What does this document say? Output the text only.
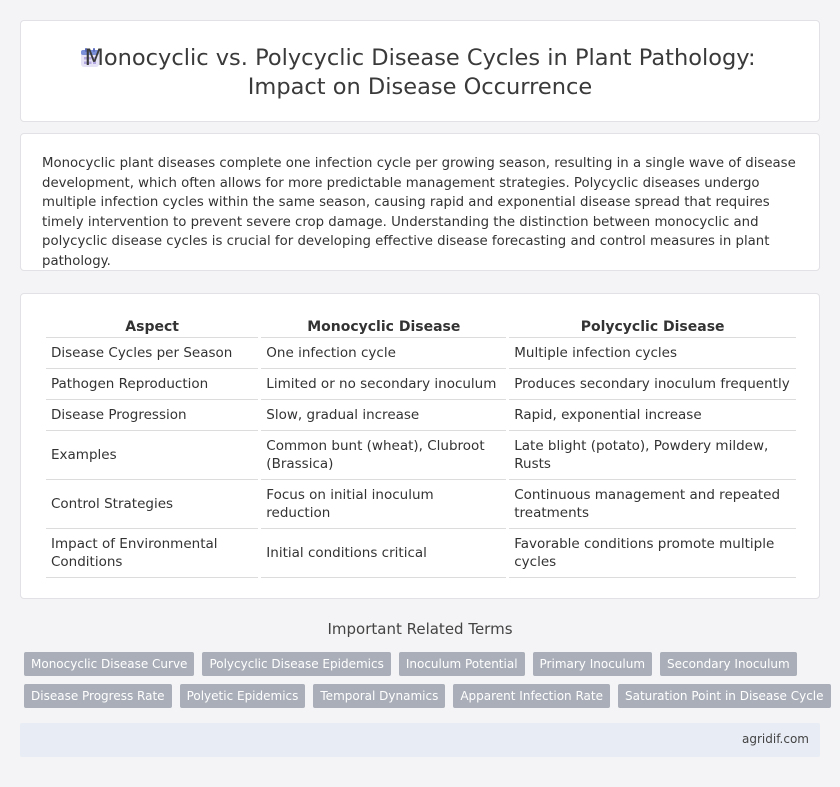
Monocyclic vs. Polycyclic Disease Cycles in Plant Pathology:
Impact on Disease Occurrence

Monocyclic plant diseases complete one infection cycle per growing season, resulting in a single wave of disease development, which often allows for more predictable management strategies. Polycyclic diseases undergo multiple infection cycles within the same season, causing rapid and exponential disease spread that requires timely intervention to prevent severe crop damage. Understanding the distinction between monocyclic and polycyclic disease cycles is crucial for developing effective disease forecasting and control measures in plant pathology.

Aspect	Monocyclic Disease	Polycyclic Disease
Disease Cycles per Season	One infection cycle	Multiple infection cycles
Pathogen Reproduction	Limited or no secondary inoculum	Produces secondary inoculum frequently
Disease Progression	Slow, gradual increase	Rapid, exponential increase
Examples	Common bunt (wheat), Clubroot (Brassica)	Late blight (potato), Powdery mildew, Rusts
Control Strategies	Focus on initial inoculum reduction	Continuous management and repeated treatments
Impact of Environmental Conditions	Initial conditions critical	Favorable conditions promote multiple cycles
Important Related Terms
Monocyclic Disease Curve	Polycyclic Disease Epidemics	Inoculum Potential	Primary Inoculum	Secondary Inoculum
Disease Progress Rate	Polyetic Epidemics	Temporal Dynamics	Apparent Infection Rate	Saturation Point in Disease Cycle
agridif.com
